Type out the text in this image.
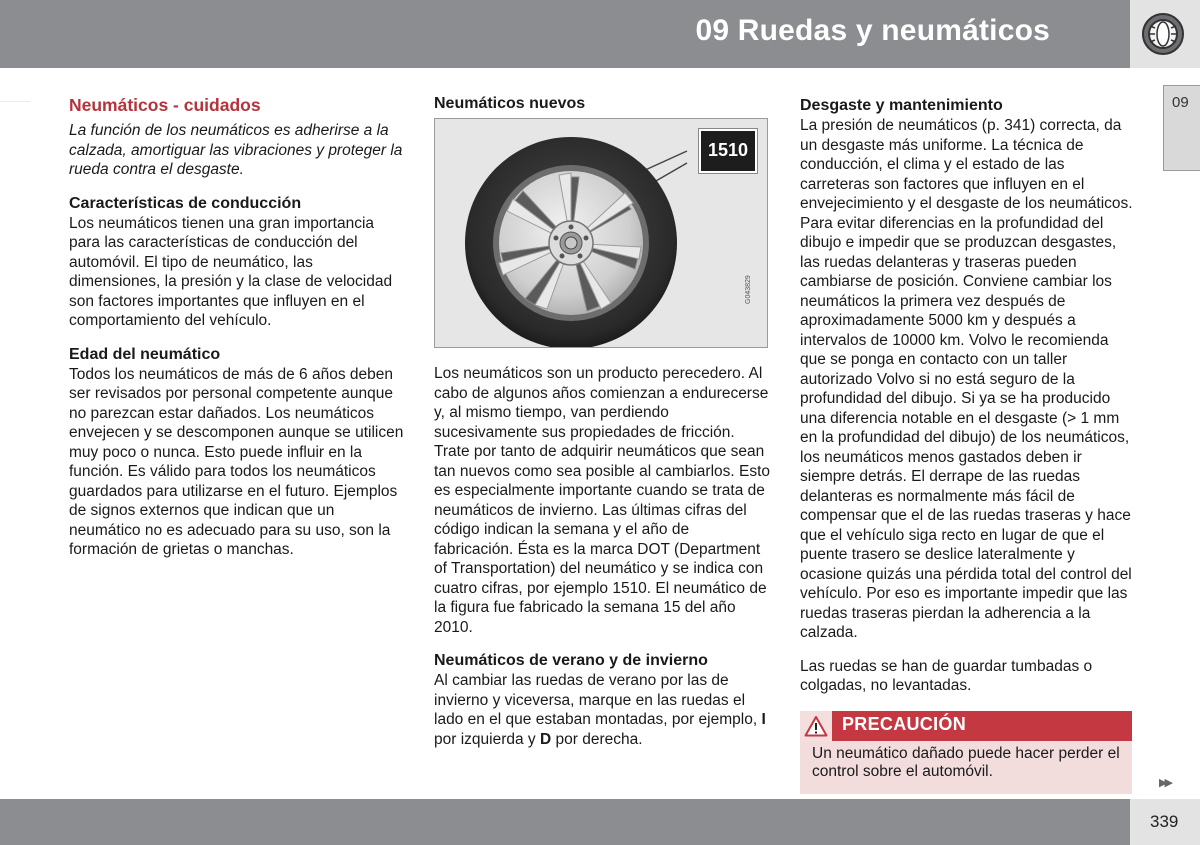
09 Ruedas y neumáticos
09
Neumáticos - cuidados

La función de los neumáticos es adherirse a la calzada, amortiguar las vibraciones y proteger la rueda contra el desgaste.

Características de conducción

Los neumáticos tienen una gran importancia para las características de conducción del automóvil. El tipo de neumático, las dimensiones, la presión y la clase de velocidad son factores importantes que influyen en el comportamiento del vehículo.

Edad del neumático

Todos los neumáticos de más de 6 años deben ser revisados por personal competente aunque no parezcan estar dañados. Los neumáticos envejecen y se descomponen aunque se utilicen muy poco o nunca. Esto puede influir en la función. Es válido para todos los neumáticos guardados para utilizarse en el futuro. Ejemplos de signos externos que indican que un neumático no es adecuado para su uso, son la formación de grietas o manchas.

Neumáticos nuevos
1510
G043829

Los neumáticos son un producto perecedero. Al cabo de algunos años comienzan a endurecerse y, al mismo tiempo, van perdiendo sucesivamente sus propiedades de fricción. Trate por tanto de adquirir neumáticos que sean tan nuevos como sea posible al cambiarlos. Esto es especialmente importante cuando se trata de neumáticos de invierno. Las últimas cifras del código indican la semana y el año de fabricación. Ésta es la marca DOT (Department of Transportation) del neumático y se indica con cuatro cifras, por ejemplo 1510. El neumático de la figura fue fabricado la semana 15 del año 2010.

Neumáticos de verano y de invierno

Al cambiar las ruedas de verano por las de invierno y viceversa, marque en las ruedas el lado en el que estaban montadas, por ejemplo, I por izquierda y D por derecha.

Desgaste y mantenimiento

La presión de neumáticos (p. 341) correcta, da un desgaste más uniforme. La técnica de conducción, el clima y el estado de las carreteras son factores que influyen en el envejecimiento y el desgaste de los neumáticos. Para evitar diferencias en la profundidad del dibujo e impedir que se produzcan desgastes, las ruedas delanteras y traseras pueden cambiarse de posición. Conviene cambiar los neumáticos la primera vez después de aproximadamente 5000 km y después a intervalos de 10000 km. Volvo le recomienda que se ponga en contacto con un taller autorizado Volvo si no está seguro de la profundidad del dibujo. Si ya se ha producido una diferencia notable en el desgaste (> 1 mm en la profundidad del dibujo) de los neumáticos, los neumáticos menos gastados deben ir siempre detrás. El derrape de las ruedas delanteras es normalmente más fácil de compensar que el de las ruedas traseras y hace que el vehículo siga recto en lugar de que el puente trasero se deslice lateralmente y ocasione quizás una pérdida total del control del vehículo. Por eso es importante impedir que las ruedas traseras pierdan la adherencia a la calzada.

Las ruedas se han de guardar tumbadas o colgadas, no levantadas.

PRECAUCIÓN
Un neumático dañado puede hacer perder el control sobre el automóvil.
▶▶
339
